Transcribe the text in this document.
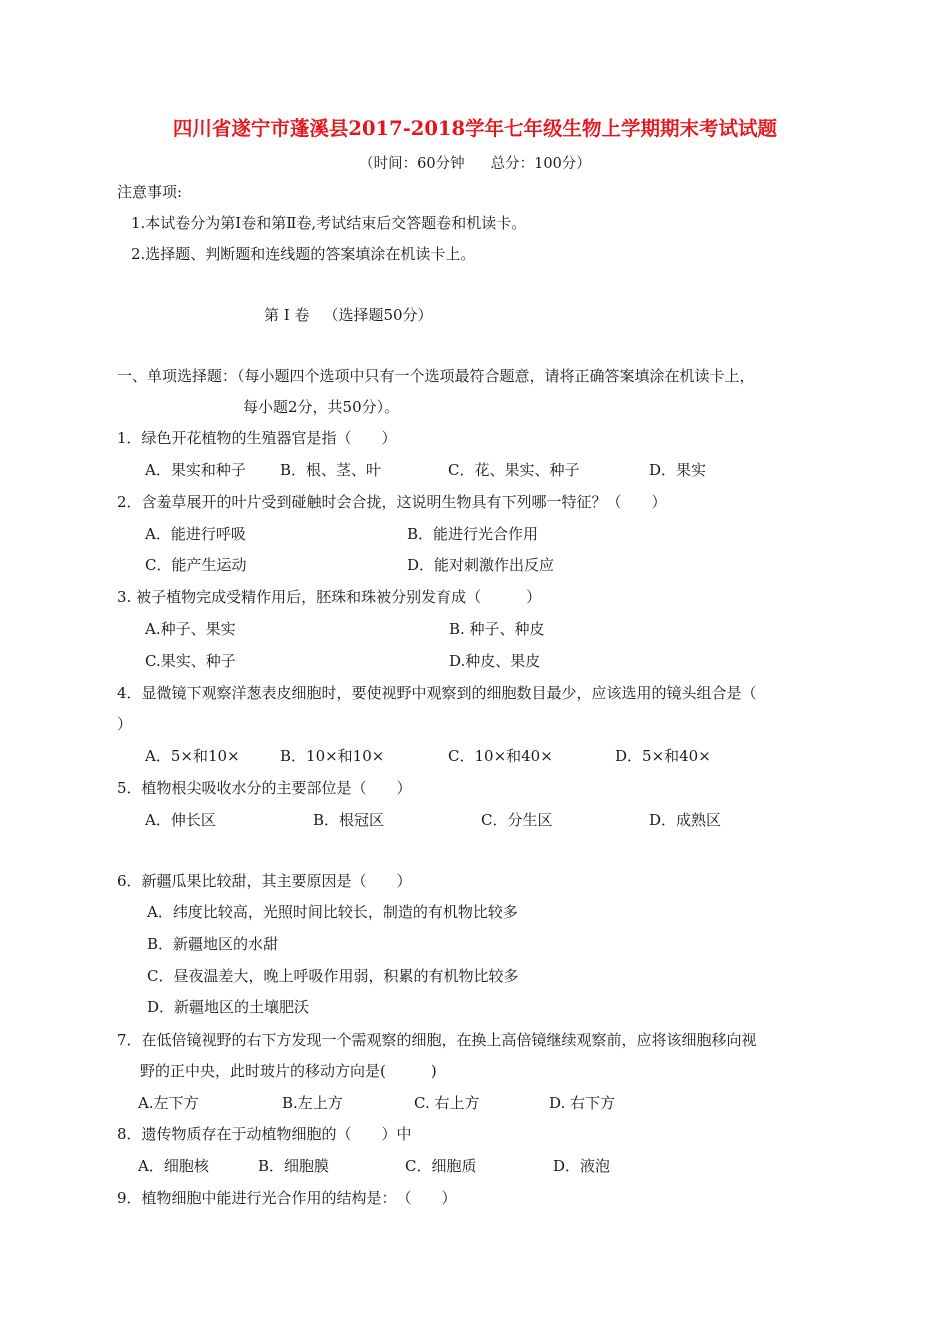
四川省遂宁市蓬溪县2017-2018学年七年级生物上学期期末考试试题
（时间：60分钟 总分：100分）
注意事项:
1.本试卷分为第Ⅰ卷和第Ⅱ卷,考试结束后交答题卷和机读卡。
2.选择题、判断题和连线题的答案填涂在机读卡上。
第 Ⅰ 卷 （选择题50分）
一、单项选择题：（每小题四个选项中只有一个选项最符合题意，请将正确答案填涂在机读卡上，
每小题2分，共50分）。
1．绿色开花植物的生殖器官是指（　　）
A．果实和种子 B．根、茎、叶	C．花、果实、种子	D．果实
2．含羞草展开的叶片受到碰触时会合拢，这说明生物具有下列哪一特征？（　　）
A．能进行呼吸	B．能进行光合作用
C．能产生运动	D．能对刺激作出反应
3. 被子植物完成受精作用后，胚珠和珠被分别发育成（　　　）
A.种子、果实	B. 种子、种皮
C.果实、种子	D.种皮、果皮
4．显微镜下观察洋葱表皮细胞时，要使视野中观察到的细胞数目最少，应该选用的镜头组合是（
）
A．5×和10×	B．10×和10×	C．10×和40×	D．5×和40×
5．植物根尖吸收水分的主要部位是（　　）
A．伸长区	B．根冠区	C．分生区	D．成熟区
6．新疆瓜果比较甜，其主要原因是（　　）
A．纬度比较高，光照时间比较长，制造的有机物比较多
B．新疆地区的水甜
C．昼夜温差大，晚上呼吸作用弱，积累的有机物比较多
D．新疆地区的土壤肥沃
7．在低倍镜视野的右下方发现一个需观察的细胞，在换上高倍镜继续观察前，应将该细胞移向视
野的正中央，此时玻片的移动方向是(　　　)
A.左下方	B.左上方	C. 右上方	D. 右下方
8．遗传物质存在于动植物细胞的（　　）中
A．细胞核	B．细胞膜	C．细胞质	D．液泡
9．植物细胞中能进行光合作用的结构是：　（　　）
